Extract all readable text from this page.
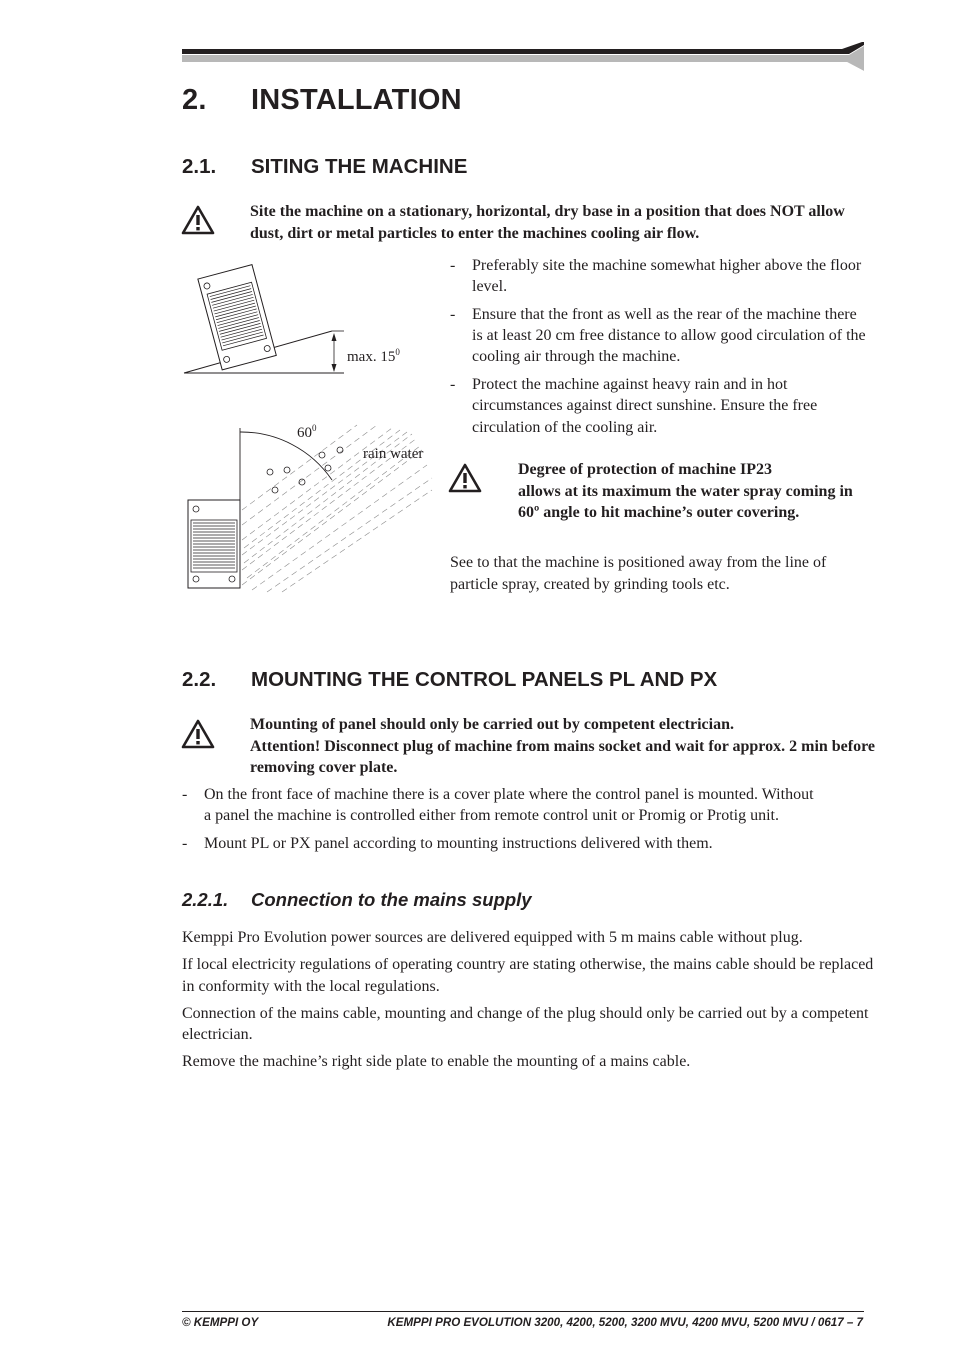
2. INSTALLATION
2.1. SITING THE MACHINE
Site the machine on a stationary, horizontal, dry base in a position that does NOT allow dust, dirt or metal particles to enter the machines cooling air flow.
max. $15^0$
$60^0$
rain water
- Preferably site the machine somewhat higher above the floor level.
- Ensure that the front as well as the rear of the machine there is at least 20 cm free distance to allow good circulation of the cooling air through the machine.
- Protect the machine against heavy rain and in hot circumstances against direct sunshine. Ensure the free circulation of the cooling air.
Degree of protection of machine IP23
allows at its maximum the water spray coming in 60º angle to hit machine’s outer covering.
See to that the machine is positioned away from the line of particle spray, created by grinding tools etc.
2.2. MOUNTING THE CONTROL PANELS PL AND PX
Mounting of panel should only be carried out by competent electrician.
Attention! Disconnect plug of machine from mains socket and wait for approx. 2 min before removing cover plate.
- On the front face of machine there is a cover plate where the control panel is mounted. Without a panel the machine is controlled either from remote control unit or Promig or Protig unit.
- Mount PL or PX panel according to mounting instructions delivered with them.
2.2.1. Connection to the mains supply
Kemppi Pro Evolution power sources are delivered equipped with 5 m mains cable without plug.
If local electricity regulations of operating country are stating otherwise, the mains cable should be replaced in conformity with the local regulations.
Connection of the mains cable, mounting and change of the plug should only be carried out by a competent electrician.
Remove the machine’s right side plate to enable the mounting of a mains cable.
© KEMPPI OY	KEMPPI PRO EVOLUTION 3200, 4200, 5200, 3200 MVU, 4200 MVU, 5200 MVU / 0617 – 7
